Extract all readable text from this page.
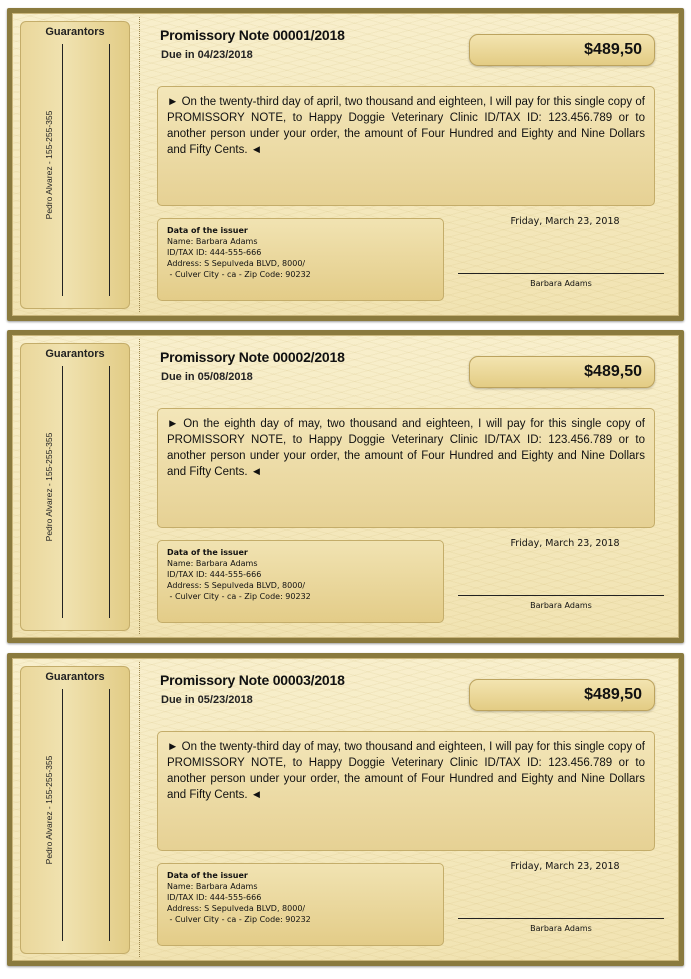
Guarantors
Pedro Alvarez - 155-255-355
Promissory Note 00001/2018
Due in 04/23/2018	$489,50
► On the twenty-third day of april, two thousand and eighteen, I will pay for this single copy of PROMISSORY NOTE, to Happy Doggie Veterinary Clinic ID/TAX ID: 123.456.789 or to another person under your order, the amount of Four Hundred and Eighty and Nine Dollars and Fifty Cents. ◄
Data of the issuer
Name: Barbara Adams
ID/TAX ID: 444-555-666
Address: S Sepulveda BLVD, 8000/
- Culver City - ca - Zip Code: 90232
Friday, March 23, 2018
Barbara Adams
Guarantors
Pedro Alvarez - 155-255-355
Promissory Note 00002/2018
Due in 05/08/2018	$489,50
► On the eighth day of may, two thousand and eighteen, I will pay for this single copy of PROMISSORY NOTE, to Happy Doggie Veterinary Clinic ID/TAX ID: 123.456.789 or to another person under your order, the amount of Four Hundred and Eighty and Nine Dollars and Fifty Cents. ◄
Data of the issuer
Name: Barbara Adams
ID/TAX ID: 444-555-666
Address: S Sepulveda BLVD, 8000/
- Culver City - ca - Zip Code: 90232
Friday, March 23, 2018
Barbara Adams
Guarantors
Pedro Alvarez - 155-255-355
Promissory Note 00003/2018
Due in 05/23/2018	$489,50
► On the twenty-third day of may, two thousand and eighteen, I will pay for this single copy of PROMISSORY NOTE, to Happy Doggie Veterinary Clinic ID/TAX ID: 123.456.789 or to another person under your order, the amount of Four Hundred and Eighty and Nine Dollars and Fifty Cents. ◄
Data of the issuer
Name: Barbara Adams
ID/TAX ID: 444-555-666
Address: S Sepulveda BLVD, 8000/
- Culver City - ca - Zip Code: 90232
Friday, March 23, 2018
Barbara Adams
